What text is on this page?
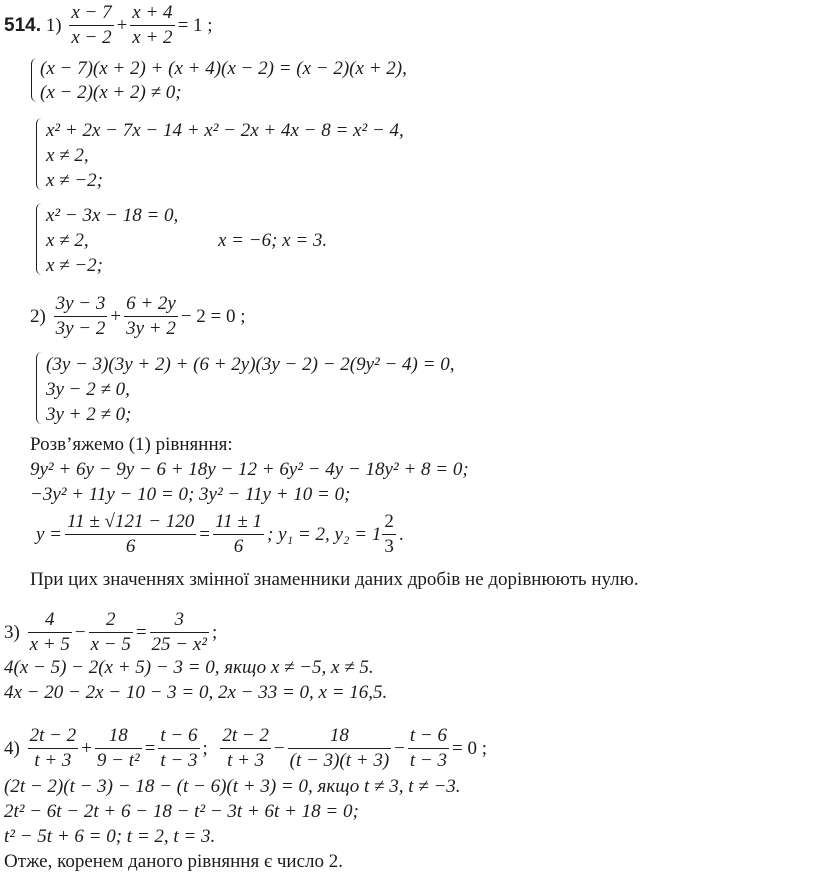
514.
1)
$\frac{x - 7}{x - 2} + \frac{x + 4}{x + 2} = 1$ ;
(x − 7)(x + 2) + (x + 4)(x − 2) = (x − 2)(x + 2),
(x − 2)(x + 2) ≠ 0;
x² + 2x − 7x − 14 + x² − 2x + 4x − 8 = x² − 4,
x ≠ 2,
x ≠ −2;
x² − 3x − 18 = 0,
x ≠ 2,
x ≠ −2;
x = −6; x = 3.
2)
$\frac{3y - 3}{3y - 2} + \frac{6 + 2y}{3y + 2} - 2 = 0$ ;
(3y − 3)(3y + 2) + (6 + 2y)(3y − 2) − 2(9y² − 4) = 0,
3y − 2 ≠ 0,
3y + 2 ≠ 0;
Розв’яжемо (1) рівняння:
9y² + 6y − 9y − 6 + 18y − 12 + 6y² − 4y − 18y² + 8 = 0;
−3y² + 11y − 10 = 0; 3y² − 11y + 10 = 0;
$y = \frac{11 \pm √121 - 120}{6} = \frac{11 \pm 1}{6}$ ; y₁ = 2, $y_2 = 1 \frac{2}{3}$ .
При цих значеннях змінної знаменники даних дробів не дорівнюють нулю.
3)
$\frac{4}{x + 5} - \frac{2}{x - 5} = \frac{3}{\text{25 − x²}}$ ;
4(x − 5) − 2(x + 5) − 3 = 0, якщо x ≠ −5, x ≠ 5.
4x − 20 − 2x − 10 − 3 = 0, 2x − 33 = 0, x = 16,5.
4)
$\frac{2t - 2}{t + 3} + \frac{18}{\text{9 − t²}} = \frac{t - 6}{t - 3}$ ;
$\frac{2t - 2}{t + 3} - \frac{18}{(t - 3)(t + 3)} - \frac{t - 6}{t - 3} = 0$ ;
(2t − 2)(t − 3) − 18 − (t − 6)(t + 3) = 0, якщо t ≠ 3, t ≠ −3.
2t² − 6t − 2t + 6 − 18 − t² − 3t + 6t + 18 = 0;
t² − 5t + 6 = 0; t = 2, t = 3.
Отже, коренем даного рівняння є число 2.
